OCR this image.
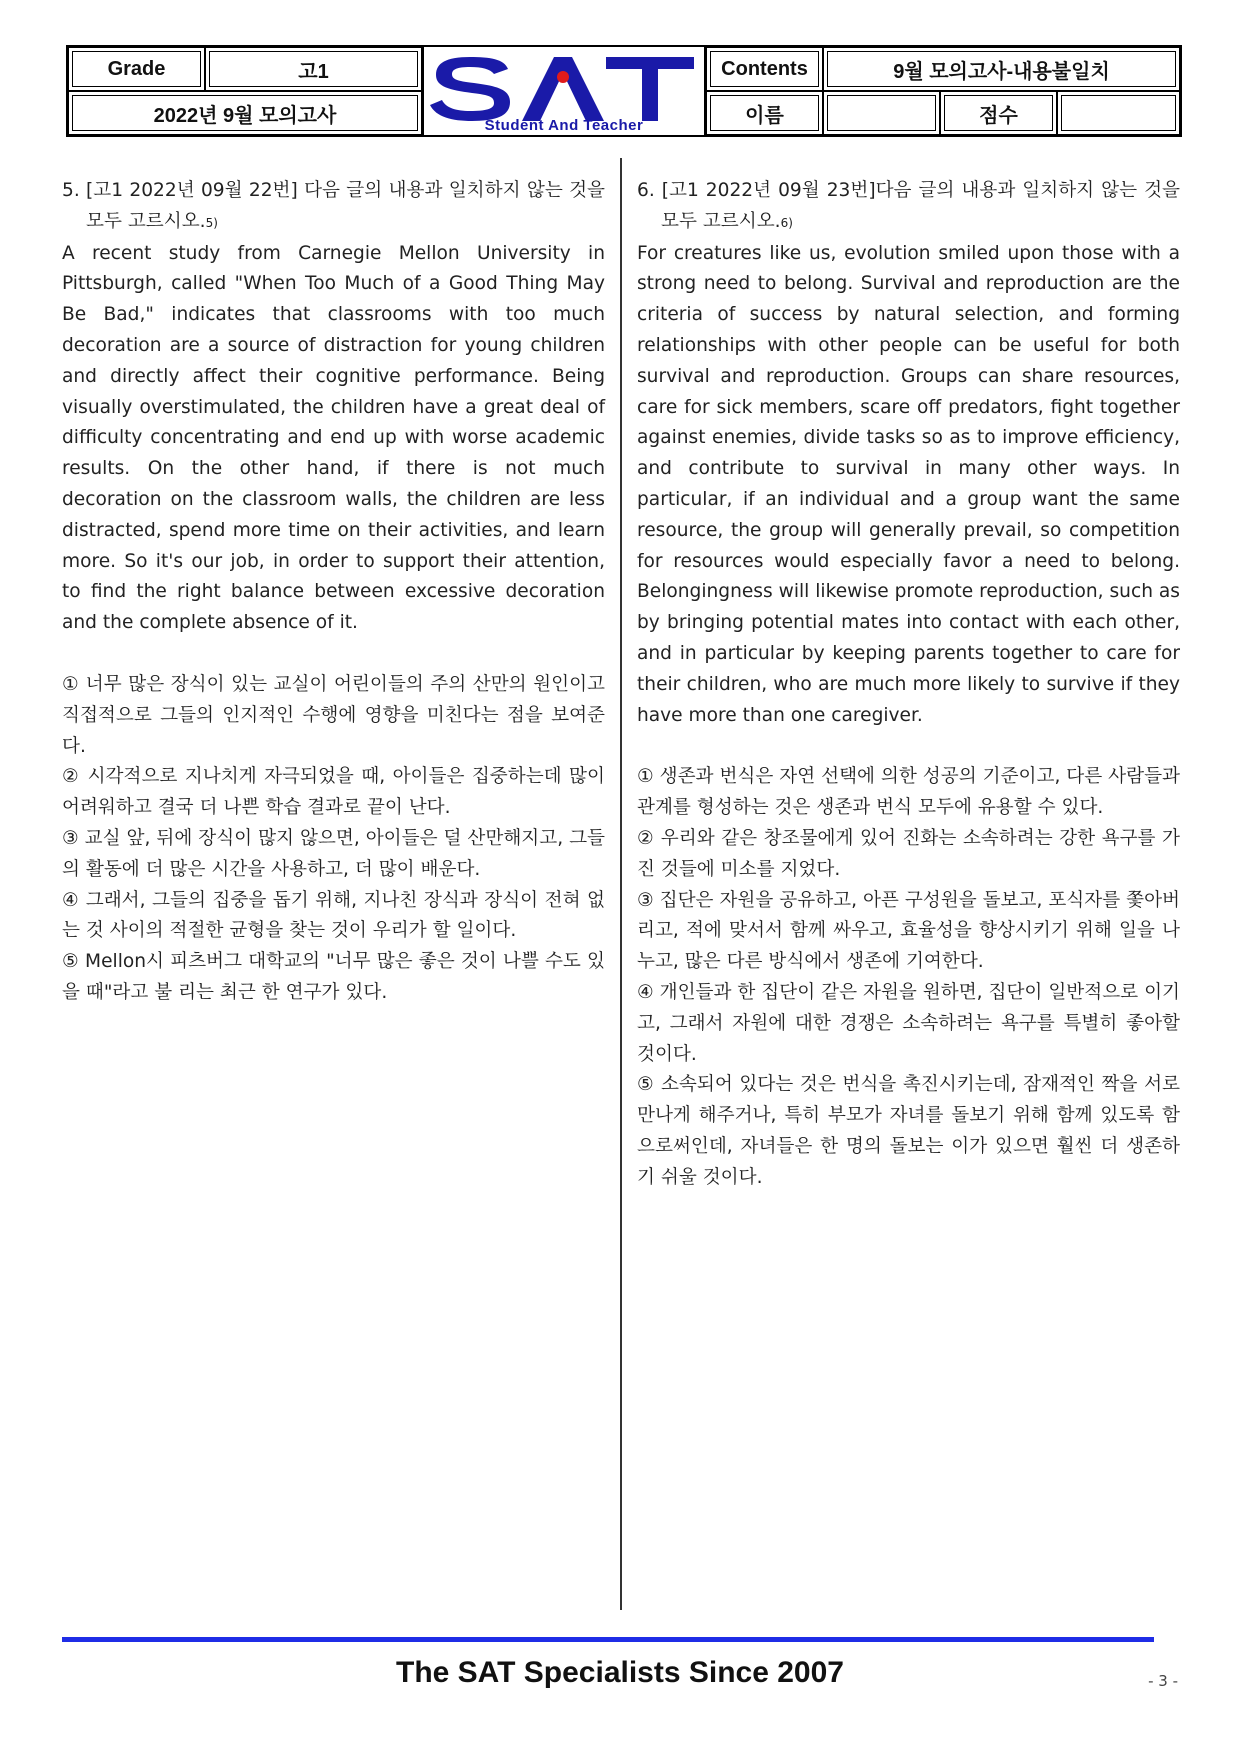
Grade	고1
2022년 9월 모의고사	Student And Teacher
Contents	9월 모의고사-내용불일치
이름	점수

5. [고1 2022년 09월 22번] 다음 글의 내용과 일치하지 않는 것을 모두 고르시오.5)

A recent study from Carnegie Mellon University in Pittsburgh, called "When Too Much of a Good Thing May Be Bad," indicates that classrooms with too much decoration are a source of distraction for young children and directly affect their cognitive performance. Being visually overstimulated, the children have a great deal of difficulty concentrating and end up with worse academic results. On the other hand, if there is not much decoration on the classroom walls, the children are less distracted, spend more time on their activities, and learn more. So it's our job, in order to support their attention, to find the right balance between excessive decoration and the complete absence of it.

① 너무 많은 장식이 있는 교실이 어린이들의 주의 산만의 원인이고 직접적으로 그들의 인지적인 수행에 영향을 미친다는 점을 보여준다.

② 시각적으로 지나치게 자극되었을 때, 아이들은 집중하는데 많이 어려워하고 결국 더 나쁜 학습 결과로 끝이 난다.

③ 교실 앞, 뒤에 장식이 많지 않으면, 아이들은 덜 산만해지고, 그들의 활동에 더 많은 시간을 사용하고, 더 많이 배운다.

④ 그래서, 그들의 집중을 돕기 위해, 지나친 장식과 장식이 전혀 없는 것 사이의 적절한 균형을 찾는 것이 우리가 할 일이다.

⑤ Mellon시 피츠버그 대학교의 "너무 많은 좋은 것이 나쁠 수도 있을 때"라고 불 리는 최근 한 연구가 있다.

6. [고1 2022년 09월 23번]다음 글의 내용과 일치하지 않는 것을 모두 고르시오.6)

For creatures like us, evolution smiled upon those with a strong need to belong. Survival and reproduction are the criteria of success by natural selection, and forming relationships with other people can be useful for both survival and reproduction. Groups can share resources, care for sick members, scare off predators, fight together against enemies, divide tasks so as to improve efficiency, and contribute to survival in many other ways. In particular, if an individual and a group want the same resource, the group will generally prevail, so competition for resources would especially favor a need to belong. Belongingness will likewise promote reproduction, such as by bringing potential mates into contact with each other, and in particular by keeping parents together to care for their children, who are much more likely to survive if they have more than one caregiver.

① 생존과 번식은 자연 선택에 의한 성공의 기준이고, 다른 사람들과 관계를 형성하는 것은 생존과 번식 모두에 유용할 수 있다.

② 우리와 같은 창조물에게 있어 진화는 소속하려는 강한 욕구를 가진 것들에 미소를 지었다.

③ 집단은 자원을 공유하고, 아픈 구성원을 돌보고, 포식자를 쫓아버리고, 적에 맞서서 함께 싸우고, 효율성을 향상시키기 위해 일을 나누고, 많은 다른 방식에서 생존에 기여한다.

④ 개인들과 한 집단이 같은 자원을 원하면, 집단이 일반적으로 이기고, 그래서 자원에 대한 경쟁은 소속하려는 욕구를 특별히 좋아할 것이다.

⑤ 소속되어 있다는 것은 번식을 촉진시키는데, 잠재적인 짝을 서로 만나게 해주거나, 특히 부모가 자녀를 돌보기 위해 함께 있도록 함으로써인데, 자녀들은 한 명의 돌보는 이가 있으면 훨씬 더 생존하기 쉬울 것이다.

The SAT Specialists Since 2007	- 3 -
